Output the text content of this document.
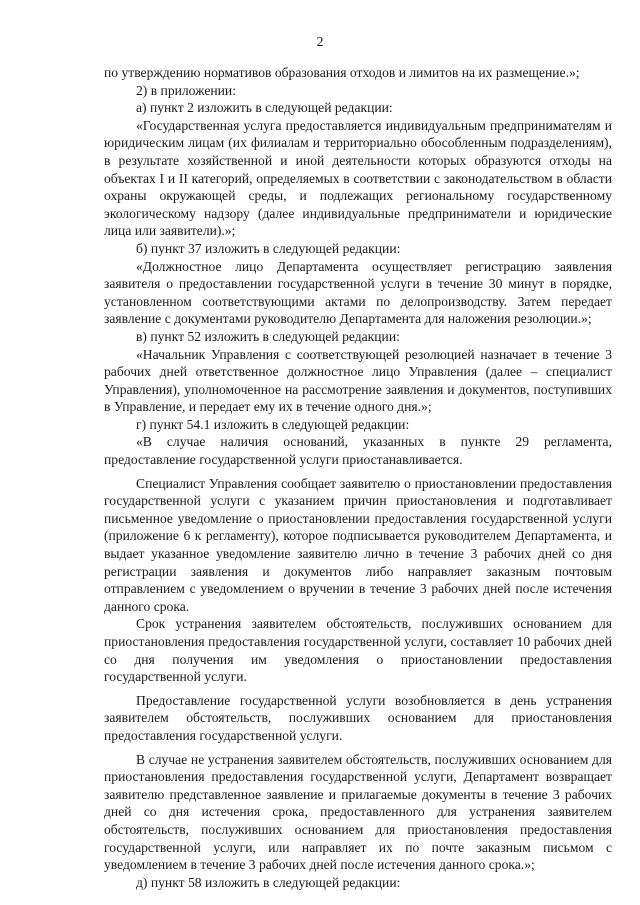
2

по утверждению нормативов образования отходов и лимитов на их размещение.»;

2) в приложении:

а) пункт 2 изложить в следующей редакции:

«Государственная услуга предоставляется индивидуальным предпринимателям и юридическим лицам (их филиалам и территориально обособленным подразделениям), в результате хозяйственной и иной деятельности которых образуются отходы на объектах I и II категорий, определяемых в соответствии с законодательством в области охраны окружающей среды, и подлежащих региональному государственному экологическому надзору (далее индивидуальные предприниматели и юридические лица или заявители).»;

б) пункт 37 изложить в следующей редакции:

«Должностное лицо Департамента осуществляет регистрацию заявления заявителя о предоставлении государственной услуги в течение 30 минут в порядке, установленном соответствующими актами по делопроизводству. Затем передает заявление с документами руководителю Департамента для наложения резолюции.»;

в) пункт 52 изложить в следующей редакции:

«Начальник Управления с соответствующей резолюцией назначает в течение 3 рабочих дней ответственное должностное лицо Управления (далее – специалист Управления), уполномоченное на рассмотрение заявления и документов, поступивших в Управление, и передает ему их в течение одного дня.»;

г) пункт 54.1 изложить в следующей редакции:

«В случае наличия оснований, указанных в пункте 29 регламента, предоставление государственной услуги приостанавливается.

Специалист Управления сообщает заявителю о приостановлении предоставления государственной услуги с указанием причин приостановления и подготавливает письменное уведомление о приостановлении предоставления государственной услуги (приложение 6 к регламенту), которое подписывается руководителем Департамента, и выдает указанное уведомление заявителю лично в течение 3 рабочих дней со дня регистрации заявления и документов либо направляет заказным почтовым отправлением с уведомлением о вручении в течение 3 рабочих дней после истечения данного срока.

Срок устранения заявителем обстоятельств, послуживших основанием для приостановления предоставления государственной услуги, составляет 10 рабочих дней со дня получения им уведомления о приостановлении предоставления государственной услуги.

Предоставление государственной услуги возобновляется в день устранения заявителем обстоятельств, послуживших основанием для приостановления предоставления государственной услуги.

В случае не устранения заявителем обстоятельств, послуживших основанием для приостановления предоставления государственной услуги, Департамент возвращает заявителю представленное заявление и прилагаемые документы в течение 3 рабочих дней со дня истечения срока, предоставленного для устранения заявителем обстоятельств, послуживших основанием для приостановления предоставления государственной услуги, или направляет их по почте заказным письмом с уведомлением в течение 3 рабочих дней после истечения данного срока.»;

д) пункт 58 изложить в следующей редакции:
